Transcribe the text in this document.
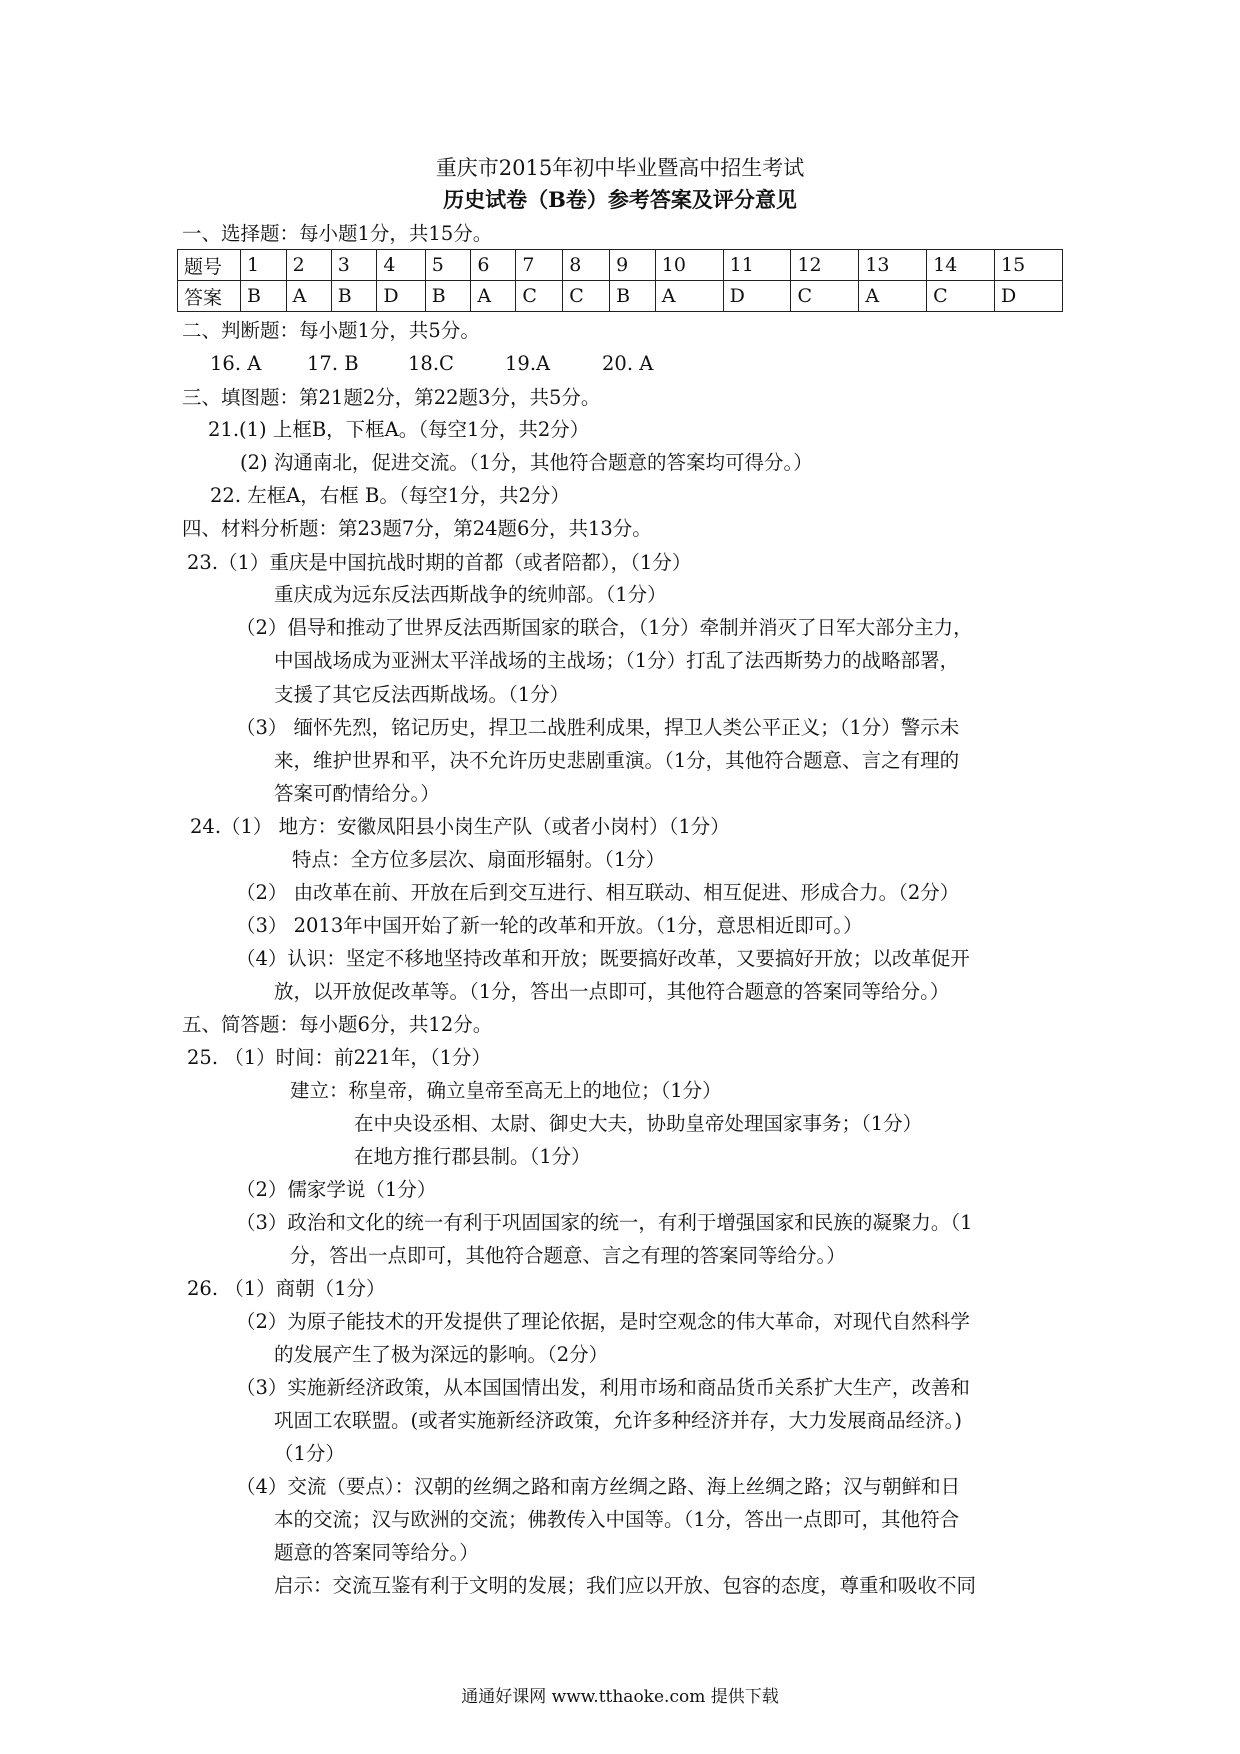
重庆市2015年初中毕业暨高中招生考试
历史试卷（B卷）参考答案及评分意见
一、选择题：每小题1分，共15分。
题号	1	2	3	4	5	6	7	8	9	10	11	12	13	14	15
答案	B	A	B	D	B	A	C	C	B	A	D	C	A	C	D
二、判断题：每小题1分，共5分。
16. A 17. B	18.C	19.A	20. A
三、填图题：第21题2分，第22题3分，共5分。
21.(1) 上框B，下框A。（每空1分，共2分）
(2) 沟通南北，促进交流。（1分，其他符合题意的答案均可得分。）
22. 左框A，右框 B。（每空1分，共2分）
四、材料分析题：第23题7分，第24题6分，共13分。
23.（1）重庆是中国抗战时期的首都（或者陪都），（1分）
重庆成为远东反法西斯战争的统帅部。（1分）
（2）倡导和推动了世界反法西斯国家的联合，（1分）牵制并消灭了日军大部分主力，
中国战场成为亚洲太平洋战场的主战场；（1分）打乱了法西斯势力的战略部署，
支援了其它反法西斯战场。（1分）
（3） 缅怀先烈，铭记历史，捍卫二战胜利成果，捍卫人类公平正义；（1分）警示未
来，维护世界和平，决不允许历史悲剧重演。（1分，其他符合题意、言之有理的
答案可酌情给分。）
24.（1） 地方：安徽凤阳县小岗生产队（或者小岗村）（1分）
特点：全方位多层次、扇面形辐射。（1分）
（2） 由改革在前、开放在后到交互进行、相互联动、相互促进、形成合力。（2分）
（3） 2013年中国开始了新一轮的改革和开放。（1分，意思相近即可。）
（4）认识：坚定不移地坚持改革和开放；既要搞好改革，又要搞好开放；以改革促开
放，以开放促改革等。（1分，答出一点即可，其他符合题意的答案同等给分。）
五、简答题：每小题6分，共12分。
25. （1）时间：前221年，（1分）
建立：称皇帝，确立皇帝至高无上的地位；（1分）
在中央设丞相、太尉、御史大夫，协助皇帝处理国家事务；（1分）
在地方推行郡县制。（1分）
（2）儒家学说（1分）
（3）政治和文化的统一有利于巩固国家的统一，有利于增强国家和民族的凝聚力。（1
分，答出一点即可，其他符合题意、言之有理的答案同等给分。）
26. （1）商朝（1分）
（2）为原子能技术的开发提供了理论依据，是时空观念的伟大革命，对现代自然科学
的发展产生了极为深远的影响。（2分）
（3）实施新经济政策，从本国国情出发，利用市场和商品货币关系扩大生产，改善和
巩固工农联盟。(或者实施新经济政策，允许多种经济并存，大力发展商品经济。)
（1分）
（4）交流（要点）：汉朝的丝绸之路和南方丝绸之路、海上丝绸之路；汉与朝鲜和日
本的交流；汉与欧洲的交流；佛教传入中国等。（1分，答出一点即可，其他符合
题意的答案同等给分。）
启示：交流互鉴有利于文明的发展；我们应以开放、包容的态度，尊重和吸收不同
通通好课网 www.tthaoke.com 提供下载
